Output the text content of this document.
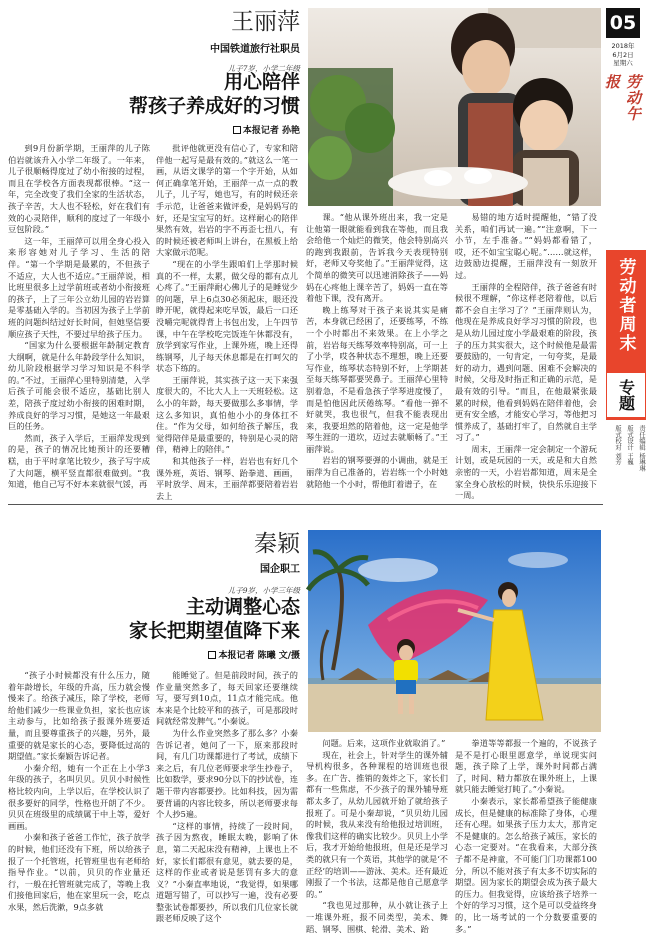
05
2018年
6月2日
星期六
劳动午报
劳动者周末
专题
责任编辑 杨琳琳
版式设计 王巍
版式校对 刘芳
王丽萍
中国铁道旅行社职员
儿子7岁，小学二年级
用心陪伴
帮孩子养成好的习惯
本报记者 孙艳

到9月份新学期，王丽萍的儿子陈伯岩就该升入小学二年级了。一年来，儿子很顺畅得度过了幼小衔接的过程，而且在学校各方面表现都很棒。“这一年，完全改变了我们全家的生活状态，孩子辛苦，大人也不轻松，好在我们有效的心灵陪伴，顺利的度过了一年级小豆包阶段。”

这一年，王丽萍可以用全身心投入来形容她对儿子学习、生活的陪伴。“第一个学期是最累的，不但孩子不适应，大人也不适应。”王丽萍说，相比班里很多上过学前班或者幼小衔接班的孩子，上了三年公立幼儿园的岩岩算是零基础入学的。当初因为孩子上学前班的问题纠结过好长时间，但她坚信要顺应孩子天性，不要过早给孩子压力。

“国家为什么要根据年龄制定教育大纲啊，就是什么年龄段学什么知识，幼儿阶段根据学习学习知识是不科学的。”不过，王丽萍心里特别清楚，入学后孩子可能会很不适应，基础比别人差，陪孩子度过幼小衔接的困难时期，养成良好的学习习惯，是她这一年最艰巨的任务。

然而，孩子入学后，王丽萍发现到的是，孩子的情况比她预计的还要糟糕，由于平时拿笔比较少，孩子写字成了大问题，横平竖直都很难做到。“我知道，他自己写不好本来就很气馁，再

批评他就更没有信心了，专家和陪伴他一起写是最有效的。”就这么一笔一画，从语文课学的第一个字开始，从如何正确拿笔开始，王丽萍一点一点的教儿子，儿子写，她也写，有的时候还亲手示范，让爸爸来做评委，是妈妈写的好，还是宝宝写的好。这样耐心的陪伴果然有效，岩岩的字不再歪七扭八，有的时候还被老师叫上讲台，在黑板上给大家做示范呢。

“现在的小学生跟咱们上学那时候真的不一样，太累，做父母的都有点儿心疼了。”王丽萍耐心佛儿子的是睡觉少的问题，早上6点30必须起床，眼还没睁开呢，就得起来吃早饭，最后一口还没嚼完呢就得背上书包出发，上午四节课，中午在学校吃完饭连午休都没有，放学到家写作业，上课外班，晚上还得练钢琴，儿子每天休息都是在打呵欠的状态下练的。

王丽萍说，其实孩子这一天下来强度很大的，不比大人上一天班轻松。这么小的年龄，每天要做那么多事情，学这么多知识，真怕他小小的身体扛不住。“作为父母，如何给孩子解压，我觉得陪伴是最重要的，特别是心灵的陪伴，精神上的陪伴。”

和其他孩子一样，岩岩也有好几个课外班，英语、钢琴、跆拳道、画画，平时放学、周末，王丽萍都要陪着岩岩去上

课。“他从课外班出来，我一定是让他第一眼就能看到我在等他，而且我会给他一个灿烂的微笑，他会特别高兴的跑到我跟前，告诉我今天表现特别好，老师又夸奖他了。”王丽萍觉得，这个简单的微笑可以迅速消除孩子——妈妈在心疼他上课辛苦了，妈妈一直在等着他下课，没有离开。

晚上练琴对于孩子来说其实是痛苦，本身就已经困了，还要练琴，不练一个小时都出不来效果。在上小学之前，岩岩每天练琴效率特别高，可一上了小学，哎各种状态不理想，晚上还要写作业，练琴状态特别不好，上学期甚至每天练琴都要哭鼻子。王丽萍心里特别着急，不是看急孩子学琴进度慢了，而是怕他因此厌倦练琴。“看他一弹不好就哭，我也很气，但我不能表现出来，我要坦然的陪着他，这一定是他学琴生涯的一道坎，迈过去就顺畅了。”王丽萍说。

岩岩的钢琴要弹的小调曲，就是王丽萍为自己准备的，岩岩练一个小时她就陪他一个小时，帮他盯着谱子，在

易错的地方适时提醒他，“错了没关系，咱们再试一遍。”“注意啊，下一小节，左手准备。”“妈妈都看错了，哎，还不如宝宝聪心呢。”……就这样，边鼓励边提醒，王丽萍没有一刻放开过。

王丽萍的全程陪伴，孩子爸爸有时候很不理解，“你这样老陪着他，以后都不会自主学习了？”王丽萍则认为，他现在是养成良好学习习惯的阶段，也是从幼儿园过度小学最艰难的阶段，孩子的压力其实很大，这个时候他是最需要鼓励的，一句肯定，一句夸奖，是最好的动力，遇到问题、困难不会解决的时候，父母及时指正和正确的示范，是最有效的引导。“而且，在他最紧张最累的时候，他看到妈妈在陪伴着他，会更有安全感，才能安心学习，等他把习惯养成了，基础打牢了，自然就自主学习了。”

周末，王丽萍一定会制定一个游玩计划，或是玩园的一天，或是和大自然亲密的一天，小岩岩都知道，周末是全家全身心放松的时候，快快乐乐迎接下一周。

秦颖
国企职工
儿子9岁，小学三年级
主动调整心态
家长把期望值降下来
本报记者 陈曦 文/摄

“孩子小时候都没有什么压力，随着年龄增长，年级的升高，压力就会慢慢来了。给孩子减压，除了学校，老师给他们减少一些课业负担，家长也应该主动参与，比如给孩子报课外班要适量，而且要尊重孩子的兴趣，另外，最重要的就是家长的心态，要降低过高的期望值。”家长秦颖告诉记者。

小秦介绍，她有一个正在上小学3年级的孩子，名叫贝贝。贝贝小时候性格比较内向，上学以后，在学校认识了很多要好的同学，性格也开朗了不少。贝贝在班级里的成绩属于中上等，爱好画画。

小秦和孩子爸爸工作忙，孩子放学的时候，他们还没有下班，所以给孩子报了一个托管班，托管班里也有老师给指导作业。“以前，贝贝的作业量还行，一般在托管班就完成了，等晚上我们接他回家后，他在家里玩一会，吃点水果，然后洗漱，9点多就

能睡觉了。但是前段时间，孩子的作业量突然多了，每天回家还要继续写，要写到10点，11点才能完成。他本来是个比较平和的孩子，可是那段时间就经常发脾气。”小秦说。

为什么作业突然多了那么多？小秦告诉记者，她问了一下，原来那段时间，有几门功课都进行了考试，成绩下来之后，有几位老师要求学生抄卷子，比如数学，要求90分以下的抄试卷，连题干带内容都要抄。比如科技，因为需要背诵的内容比较多，所以老师要求每个人抄5遍。

“这样的事情，持续了一段时间，孩子因为熬夜，睡眠太晚，影响了休息，第二天起床没有精神，上课也上不好，家长们都很有意见，就去要的是，这样的作业或者说是惩罚有多大的意义？”小秦直率地说，“我觉得，如果哪道题写错了，可以抄写一遍，没有必要整张试卷都要抄，所以我们几位家长就跟老师反映了这个

问题。后来，这项作业就取消了。”

现在，社会上，针对学生的课外辅导机构很多，各种课程的培训班也很多。在广告、推销的轰炸之下，家长们都有一些焦虑，不少孩子的课外辅导班都太多了，从幼儿园就开始了就给孩子报班了。可是小秦却说，“贝贝幼儿园的时候，我从来没有给他报过培训班，像我们这样的确实比较少。贝贝上小学后，我才开始给他报班，但是还是学习类的就只有一个英语，其他学的就是‘不正经’的培训——游泳、美术。还有最近刚报了一个书法，这都是他自己愿意学的。”

“我也见过那种，从小就让孩子上一堆课外班，报不同类型，美术、舞蹈、钢琴、围棋、轮滑、美术、跆

拳道等等都报一个遍的，不说孩子是不是打心眼里愿意学，单说现实问题，孩子除了上学，课外时间都占满了，时间、精力都放在课外班上，上课就只能去睡觉打盹了。”小秦说。

小秦表示，家长都希望孩子能健康成长，但是健康的标准除了身体，心理还有心理。如果孩子压力太大，那肯定不是健康的。怎么给孩子减压，家长的心态一定要对。“在我看来，大部分孩子都不是神童，不可能门门功课都100分，所以不能对孩子有太多不切实际的期望。因为家长的期望会成为孩子最大的压力。但我觉得，应该给孩子培养一个好的学习习惯，这个是可以受益终身的，比一场考试的一个分数要重要的多。”
